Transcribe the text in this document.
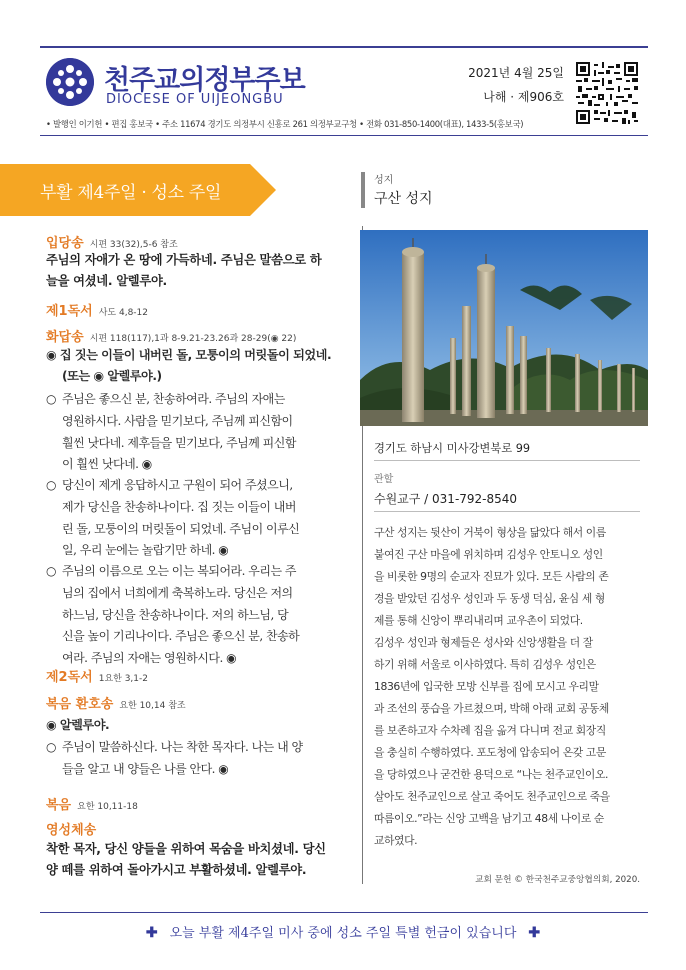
천주교의정부주보
DIOCESE OF UIJEONGBU
2021년 4월 25일
나해 · 제906호
• 발행인 이기헌 • 편집 홍보국 • 주소 11674 경기도 의정부시 신흥로 261 의정부교구청 • 전화 031-850-1400(대표), 1433-5(홍보국)
부활 제4주일 · 성소 주일
입당송 시편 33(32),5-6 참조
주님의 자애가 온 땅에 가득하네. 주님은 말씀으로 하
늘을 여셨네. 알렐루야.
제1독서 사도 4,8-12
화답송 시편 118(117),1과 8-9.21-23.26과 28-29(◉ 22)
◉ 집 짓는 이들이 내버린 돌, 모퉁이의 머릿돌이 되었네.
(또는 ◉ 알렐루야.)
○ 주님은 좋으신 분, 찬송하여라. 주님의 자애는
영원하시다. 사람을 믿기보다, 주님께 피신함이
훨씬 낫다네. 제후들을 믿기보다, 주님께 피신함
이 훨씬 낫다네. ◉
○ 당신이 제게 응답하시고 구원이 되어 주셨으니,
제가 당신을 찬송하나이다. 집 짓는 이들이 내버
린 돌, 모퉁이의 머릿돌이 되었네. 주님이 이루신
일, 우리 눈에는 놀랍기만 하네. ◉
○ 주님의 이름으로 오는 이는 복되어라. 우리는 주
님의 집에서 너희에게 축복하노라. 당신은 저의
하느님, 당신을 찬송하나이다. 저의 하느님, 당
신을 높이 기리나이다. 주님은 좋으신 분, 찬송하
여라. 주님의 자애는 영원하시다. ◉
제2독서 1요한 3,1-2
복음 환호송 요한 10,14 참조
◉ 알렐루야.
○ 주님이 말씀하신다. 나는 착한 목자다. 나는 내 양
들을 알고 내 양들은 나를 안다. ◉
복음 요한 10,11-18
영성체송
착한 목자, 당신 양들을 위하여 목숨을 바치셨네. 당신
양 떼를 위하여 돌아가시고 부활하셨네. 알렐루야.
성지
구산 성지
경기도 하남시 미사강변북로 99
관할
수원교구 / 031-792-8540
구산 성지는 뒷산이 거북이 형상을 닮았다 해서 이름
붙여진 구산 마을에 위치하며 김성우 안토니오 성인
을 비롯한 9명의 순교자 진묘가 있다. 모든 사람의 존
경을 받았던 김성우 성인과 두 동생 덕심, 윤심 세 형
제를 통해 신앙이 뿌리내리며 교우촌이 되었다.
김성우 성인과 형제들은 성사와 신앙생활을 더 잘
하기 위해 서울로 이사하였다. 특히 김성우 성인은
1836년에 입국한 모방 신부를 집에 모시고 우리말
과 조선의 풍습을 가르쳤으며, 박해 아래 교회 공동체
를 보존하고자 수차례 집을 옮겨 다니며 전교 회장직
을 충실히 수행하였다. 포도청에 압송되어 온갖 고문
을 당하였으나 굳건한 용덕으로 “나는 천주교인이오.
살아도 천주교인으로 살고 죽어도 천주교인으로 죽을
따름이오.”라는 신앙 고백을 남기고 48세 나이로 순
교하였다.
교회 문헌 © 한국천주교중앙협의회, 2020.
✚ 오늘 부활 제4주일 미사 중에 성소 주일 특별 헌금이 있습니다 ✚
